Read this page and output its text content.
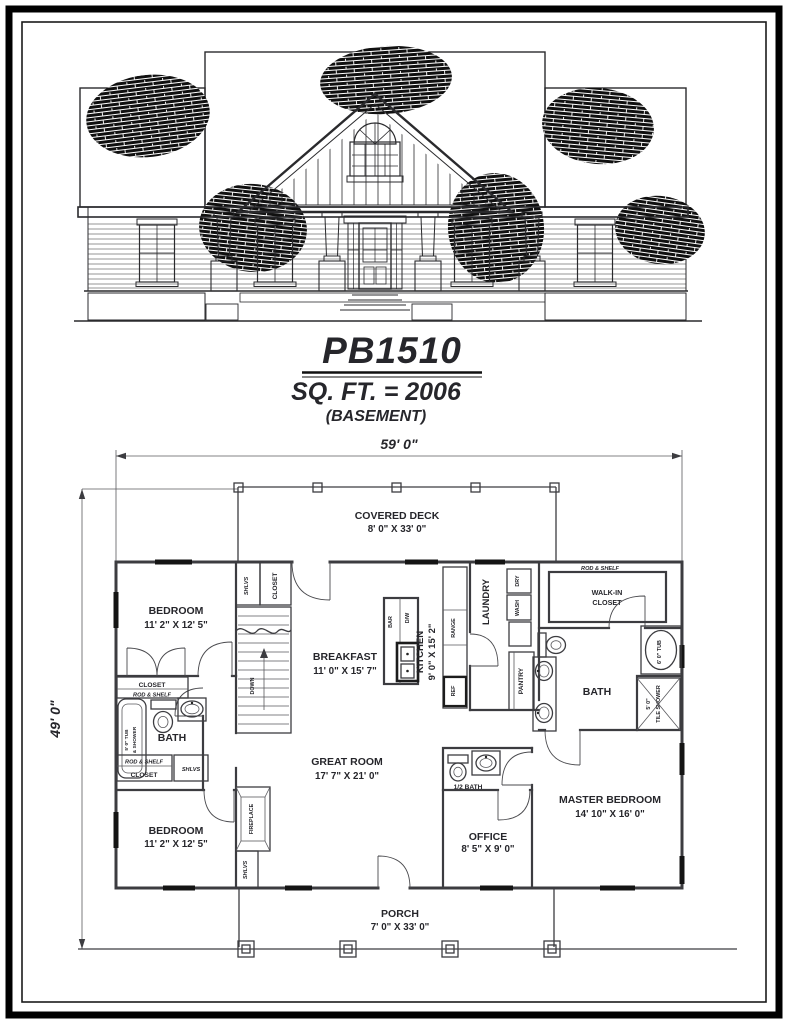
PB1510
SQ. FT. = 2006
(BASEMENT)
59' 0"
49' 0"
COVERED DECK
8' 0" X 33' 0"
DOWN
SHLVS	CLOSET
BAR D/W
RANGE
REF
KITCHEN 9' 0" X 15' 2"
LAUNDRY	DRY
WASH
PANTRY
ROD & SHELF
WALK-IN
CLOSET
6' 0" TUB
5' 0" TILE SHOWER
BATH
1/2 BATH
5' 0" TUB & SHOWER BATH
CLOSET
ROD & SHELF
ROD & SHELF
CLOSET
SHLVS
FIREPLACE
SHLVS
PORCH
7' 0" X 33' 0"
BEDROOM
11' 2" X 12' 5"
BREAKFAST
11' 0" X 15' 7"
GREAT ROOM
17' 7" X 21' 0"
MASTER BEDROOM
14' 10" X 16' 0"
OFFICE
8' 5" X 9' 0"
BEDROOM
11' 2" X 12' 5"
